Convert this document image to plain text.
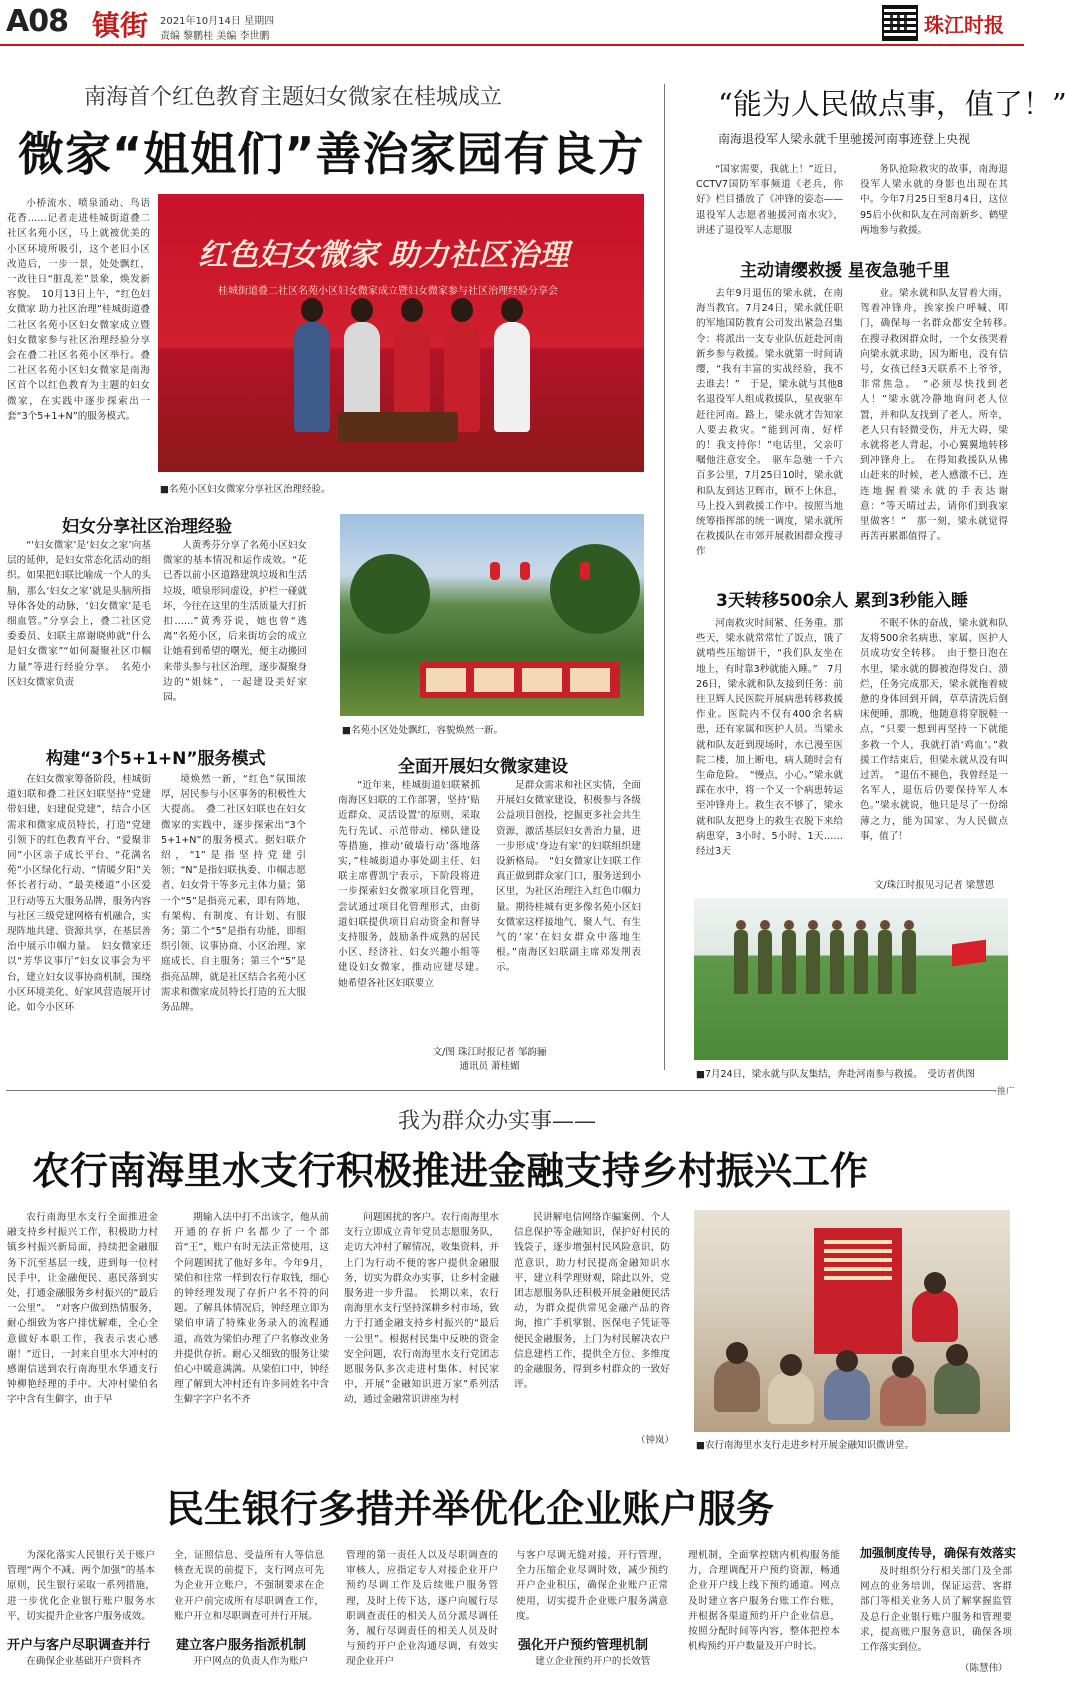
A08 镇街 2021年10月14日 星期四
责编 黎鹏桂 美编 李世鹏	珠江时报
南海首个红色教育主题妇女微家在桂城成立
微家“姐姐们”善治家园有良方
小桥流水、喷泉涌动、鸟语花香……记者走进桂城街道叠二社区名苑小区，马上就被优美的小区环境所吸引，这个老旧小区改造后，一步一景，处处飘红，一改往日“脏乱差”景象，焕发新容貌。　10月13日上午，“红色妇女微家 助力社区治理”桂城街道叠二社区名苑小区妇女微家成立暨妇女微家参与社区治理经验分享会在叠二社区名苑小区举行。叠二社区名苑小区妇女微家是南海区首个以红色教育为主题的妇女微家，在实践中逐步探索出一套“3个5+1+N”的服务模式。
红色妇女微家 助力社区治理
桂城街道叠二社区名苑小区妇女微家成立暨妇女微家参与社区治理经验分享会
■名苑小区妇女微家分享社区治理经验。
妇女分享社区治理经验
“‘妇女微家’是‘妇女之家’向基层的延伸，是妇女常态化活动的组织。如果把妇联比喻成一个人的头脑，那么‘妇女之家’就是头脑所指导体各处的动脉，‘妇女微家’是毛细血管。”分享会上，叠二社区党委委员、妇联主席谢晓帅就“什么是妇女微家”“如何凝聚社区巾帼力量”等进行经验分享。　名苑小区妇女微家负责
人黄秀芬分享了名苑小区妇女微家的基本情况和运作成效。“花已香以前小区道路建筑垃圾和生活垃圾，喷泉形同虚设，护栏一碰就坏，今往在这里的生活质量大打折扣……”黄秀芬说，她也曾“逃离”名苑小区，后来街坊会的成立让她看到希望的曙光，便主动搬回来带头参与社区治理，逐步凝聚身边的“姐妹”，一起建设美好家园。
■名苑小区处处飘红，容貌焕然一新。
构建“3个5+1+N”服务模式
在妇女微家筹备阶段，桂城街道妇联和叠二社区妇联坚持“党建带妇建，妇建促党建”，结合小区需求和微家成员特长，打造“党建引领下的红色教育平台、“爱聚非同”小区亲子成长平台、“花满名苑”小区绿化行动、“情暖夕阳”关怀长者行动、“最美楼道”小区爱卫行动等五大服务品牌，服务内容与社区三级党建网格有机融合，实现阵地共建、资源共享，在基层善治中展示巾帼力量。　妇女微家还以“芳华议事厅”妇女议事会为平台，建立妇女议事协商机制，围绕小区环境美化、好家风营造展开讨论。如今小区环
境焕然一新，“红色”氛围浓厚，居民参与小区事务的积极性大大提高。　叠二社区妇联也在妇女微家的实践中，逐步探索出“3个5+1+N”的服务模式。据妇联介绍，“1”是指坚持党建引领；“N”是指妇联执委、巾帼志愿者、妇女骨干等多元主体力量；第一个“5”是指亮元素，即有阵地、有架构、有制度、有计划、有服务；第二个“5”是指有功能，即组织引领、议事协商、小区治理、家庭成长、自主服务；第三个“5”是指亮品牌，就是社区结合名苑小区需求和微家成员特长打造的五大服务品牌。
全面开展妇女微家建设
“近年来，桂城街道妇联紧抓南海区妇联的工作部署，坚持‘贴近群众、灵活设置’的原则，采取先行先试、示范带动、梯队建设等措施，推动‘破墙行动’落地落实，”桂城街道办事处副主任、妇联主席曹凯宁表示，下阶段将进一步探索妇女微家项目化管理，尝试通过项目化管理形式，由街道妇联提供项目启动资金和督导支持服务，鼓励条件成熟的居民小区、经济社、妇女兴趣小组等建设妇女微家，推动应建尽建。　她希望各社区妇联要立
足群众需求和社区实情，全面开展妇女微家建设，积极参与各级公益项目创投，挖掘更多社会共生资源，激活基层妇女善治力量，进一步形成‘身边有家’的妇联组织建设新格局。　“妇女微家让妇联工作真正做到群众家门口，服务送到小区里，为社区治理注入红色巾帼力量。期待桂城有更多像名苑小区妇女微家这样接地气、聚人气、有生气的‘家’在妇女群众中落地生根。”南海区妇联副主席邓发荆表示。
文/图 珠江时报记者 邹韵骊
通讯员 萧桂媚
“能为人民做点事，值了！”
南海退役军人梁永就千里驰援河南事迹登上央视
“国家需要，我就上！”近日，CCTV7国防军事频道《老兵，你好》栏目播放了《冲锋的姿态——退役军人志愿者驰援河南水灾》，讲述了退役军人志愿服
务队抢险救灾的故事，南海退役军人梁永就的身影也出现在其中。今年7月25日至8月4日，这位95后小伙和队友在河南新乡、鹤壁两地参与救援。
主动请缨救援 星夜急驰千里
去年9月退伍的梁永就，在南海当教官。7月24日，梁永就任职的军地国防教育公司发出紧急召集令：将派出一支专业队伍赶赴河南新乡参与救援。梁永就第一时间请缨，“我有丰富的实战经验，我不去谁去！”　于是，梁永就与其他8名退役军人组成救援队，星夜驱车赶往河南。路上，梁永就才告知家人要去救灾。“能到河南，好样的！我支持你！”电话里，父亲叮嘱他注意安全。　驱车急驰一千六百多公里，7月25日10时，梁永就和队友到达卫辉市，顾不上休息，马上投入到救援工作中。按照当地统筹指挥部的统一调度，梁永就所在救援队在市郊开展救困群众搜寻作
业。梁永就和队友冒着大雨，驾着冲锋舟，挨家挨户呼喊、叩门，确保每一名群众都安全转移。　在搜寻救困群众时，一个女孩哭着向梁永就求助，因为断电，没有信号，女孩已经3天联系不上爷爷，非常焦急。　“必须尽快找到老人！”梁永就冷静地询问老人位置，并和队友找到了老人。所幸，老人只有轻微受伤，并无大碍，梁永就将老人背起，小心翼翼地转移到冲锋舟上。　在得知救援队从佛山赶来的时候，老人感激不已，连连地握着梁永就的手表达谢意：“等天晴过去，请你们到我家里做客！”　那一刻，梁永就觉得再苦再累都值得了。
3天转移500余人 累到3秒能入睡
河南救灾时间紧、任务重。那些天，梁永就常常忙了饭点，饿了就啃些压缩饼干，“我们队友坐在地上，有时靠3秒就能入睡。”　7月26日，梁永就和队友接到任务：前往卫辉人民医院开展病患转移救援作业。医院内不仅有400余名病患，还有家属和医护人员。当梁永就和队友赶到现场时，水已漫至医院二楼，加上断电，病人随时会有生命危险。　“慢点，小心。”梁永就踩在水中，将一个又一个病患转运至冲锋舟上。救生衣不够了，梁永就和队友把身上的救生衣脱下来给病患穿，3小时、5小时、1天……经过3天
不眠不休的奋战，梁永就和队友将500余名病患、家属、医护人员成功安全转移。　由于整日泡在水里，梁永就的脚被泡得发白、溃烂，任务完成那天，梁永就拖着疲惫的身体回到开阔，草草清洗后倒床便睡，那晚，他随意将穿脱鞋一点，“只要一想到再坚持一下就能多救一个人，我就打消‘鸡血’。”救援工作结束后，但梁永就从没有叫过苦。　“退伍不褪色，我曾经是一名军人，退伍后仍要保持军人本色。”梁永就说，他只是尽了一份绵薄之力，能为国家、为人民做点事，值了！
文/珠江时报见习记者 梁慧恩
■7月24日，梁永就与队友集结，奔赴河南参与救援。　受访者供图
·推广
我为群众办实事——
农行南海里水支行积极推进金融支持乡村振兴工作
农行南海里水支行全面推进金融支持乡村振兴工作，积极助力村镇乡村振兴新局面，持续把金融服务下沉至基层一线，进到每一位村民手中，让金融便民、惠民落到实处，打通金融服务乡村振兴的“最后一公里”。　“对客户做到热情服务，耐心细致为客户排忧解难，全心全意做好本职工作，我表示衷心感谢！”近日，一封来自里水大冲村的感谢信送到农行南海里水华通支行钟柳艳经理的手中。大冲村梁伯名字中含有生僻字，由于早
期输入法中打不出该字，他从前开通的存折户名都少了一个部首“王”，账户有时无法正常使用，这个问题困扰了他好多年。今年9月，梁伯和往常一样到农行存取钱，细心的钟经理发现了存折户名不符的问题。了解具体情况后，钟经理立即为梁伯申请了特殊业务录入的流程通道，高效为梁伯办理了户名修改业务并提供存折。耐心又细致的服务让梁伯心中暖意满满。从梁伯口中，钟经理了解到大冲村还有许多同姓名中含生僻字字户名不齐
问题困扰的客户。农行南海里水支行立即成立青年党员志愿服务队，走访大冲村了解情况，收集资料，并上门为行动不便的客户提供金融服务，切实为群众办实事，让乡村金融服务进一步升温。　长期以来，农行南海里水支行坚持深耕乡村市场，致力于打通金融支持乡村振兴的“最后一公里”。根据村民集中反映的资金安全问题，农行南海里水支行党团志愿服务队多次走进村集体、村民家中，开展“金融知识进万家”系列活动，通过金融常识讲座为村
民讲解电信网络诈骗案例、个人信息保护等金融知识，保护好村民的钱袋子，逐步增强村民风险意识，防范意识，助力村民提高金融知识水平，建立科学理财观，除此以外，党团志愿服务队还积极开展金融便民活动，为群众提供常见金融产品的咨询，推广手机掌银、医保电子凭证等便民金融服务，上门为村民解决农户信息建档工作，提供全方位、多维度的金融服务，得到乡村群众的一致好评。
（钟岚） ■农行南海里水支行走进乡村开展金融知识微讲堂。
民生银行多措并举优化企业账户服务
为深化落实人民银行关于账户管理“两个不减、两个加强”的基本原则，民生银行采取一系列措施，进一步优化企业银行账户服务水平，切实提升企业客户服务成效。
开户与客户尽职调查并行
在确保企业基础开户资料齐
全，证照信息、受益所有人等信息核查无误的前提下，支行网点可先为企业开立账户，不强制要求在企业开户前完成所有尽职调查工作，账户开立和尽职调查可并行开展。
建立客户服务指派机制
开户网点的负责人作为账户
管理的第一责任人以及尽职调查的审核人，应指定专人对接企业开户预约尽调工作及后续账户服务管理，及时上传下达，逐户向履行尽职调查责任的相关人员分派尽调任务，履行尽调责任的相关人员及时与预约开户企业沟通尽调，有效实现企业开户
与客户尽调无缝对接，开行管理，全力压缩企业尽调时效，减少预约开户企业积压，确保企业账户正常使用，切实提升企业账户服务满意度。
强化开户预约管理机制
建立企业预约开户的长效管
理机制，全面掌控辖内机构服务能力，合理调配开户预约资源，畅通企业开户线上线下预约通道。网点及时建立客户服务台账工作台账，并根据各渠道预约开户企业信息，按照分配时间等内容，整体把控本机构预约开户数量及开户时长。
加强制度传导，确保有效落实
及时组织分行相关部门及全部网点的业务培训，保证运营、客群部门等相关业务人员了解掌握监管及总行企业银行账户服务和管理要求，提高账户服务意识，确保各项工作落实到位。
（陈慧伟）
